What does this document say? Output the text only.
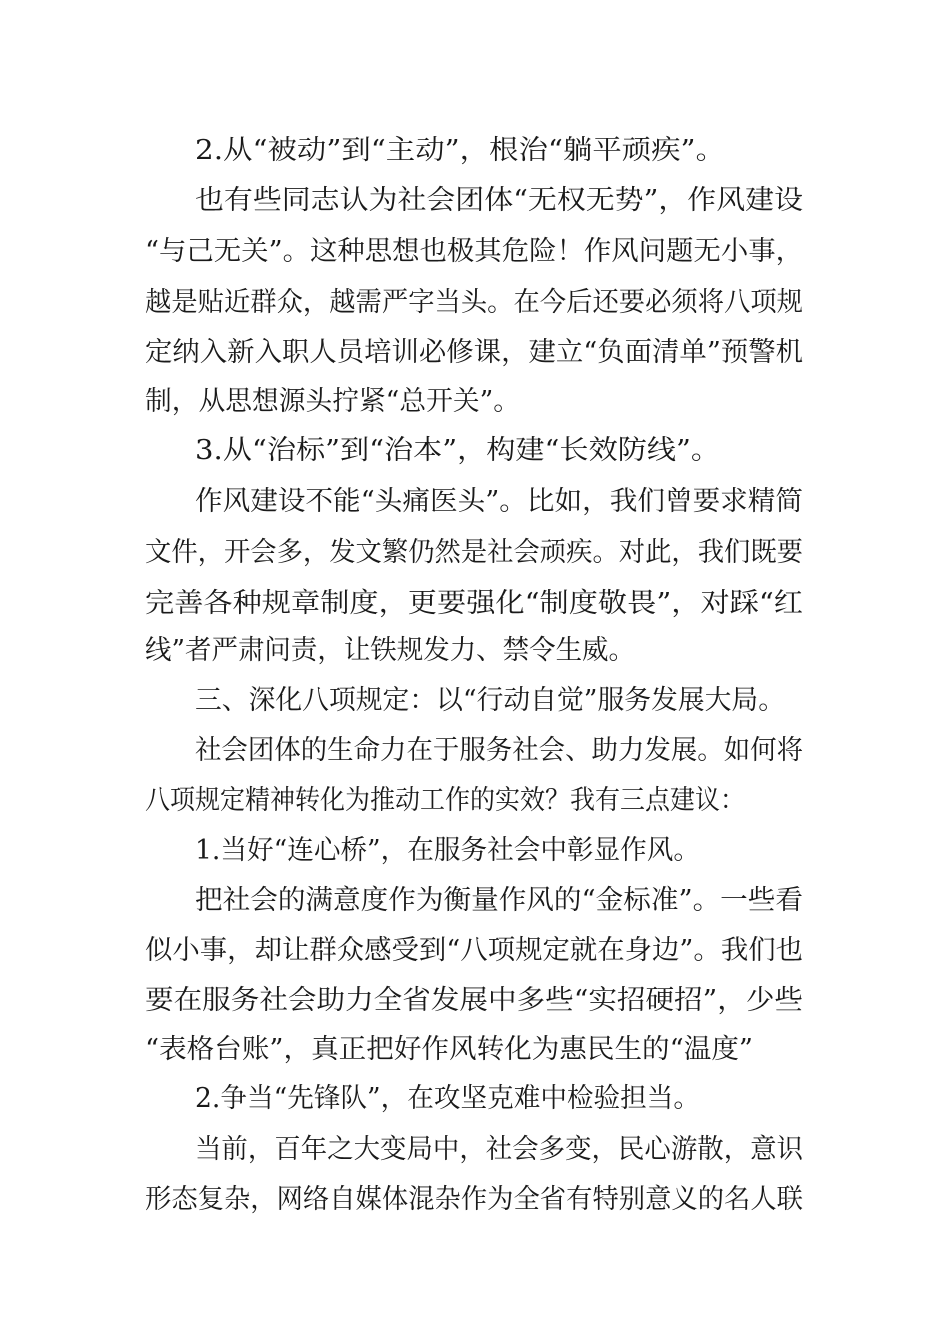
2.从“被动”到“主动”，根治“躺平顽疾”。
也有些同志认为社会团体“无权无势”，作风建设
“与己无关”。这种思想也极其危险！作风问题无小事，
越是贴近群众，越需严字当头。在今后还要必须将八项规
定纳入新入职人员培训必修课，建立“负面清单”预警机
制，从思想源头拧紧“总开关”。
3.从“治标”到“治本”，构建“长效防线”。
作风建设不能“头痛医头”。比如，我们曾要求精简
文件，开会多，发文繁仍然是社会顽疾。对此，我们既要
完善各种规章制度，更要强化“制度敬畏”，对踩“红
线”者严肃问责，让铁规发力、禁令生威。
三、深化八项规定：以“行动自觉”服务发展大局。
社会团体的生命力在于服务社会、助力发展。如何将
八项规定精神转化为推动工作的实效？我有三点建议：
1.当好“连心桥”，在服务社会中彰显作风。
把社会的满意度作为衡量作风的“金标准”。一些看
似小事，却让群众感受到“八项规定就在身边”。我们也
要在服务社会助力全省发展中多些“实招硬招”，少些
“表格台账”，真正把好作风转化为惠民生的“温度”
2.争当“先锋队”，在攻坚克难中检验担当。
当前，百年之大变局中，社会多变，民心游散，意识
形态复杂，网络自媒体混杂作为全省有特别意义的名人联
